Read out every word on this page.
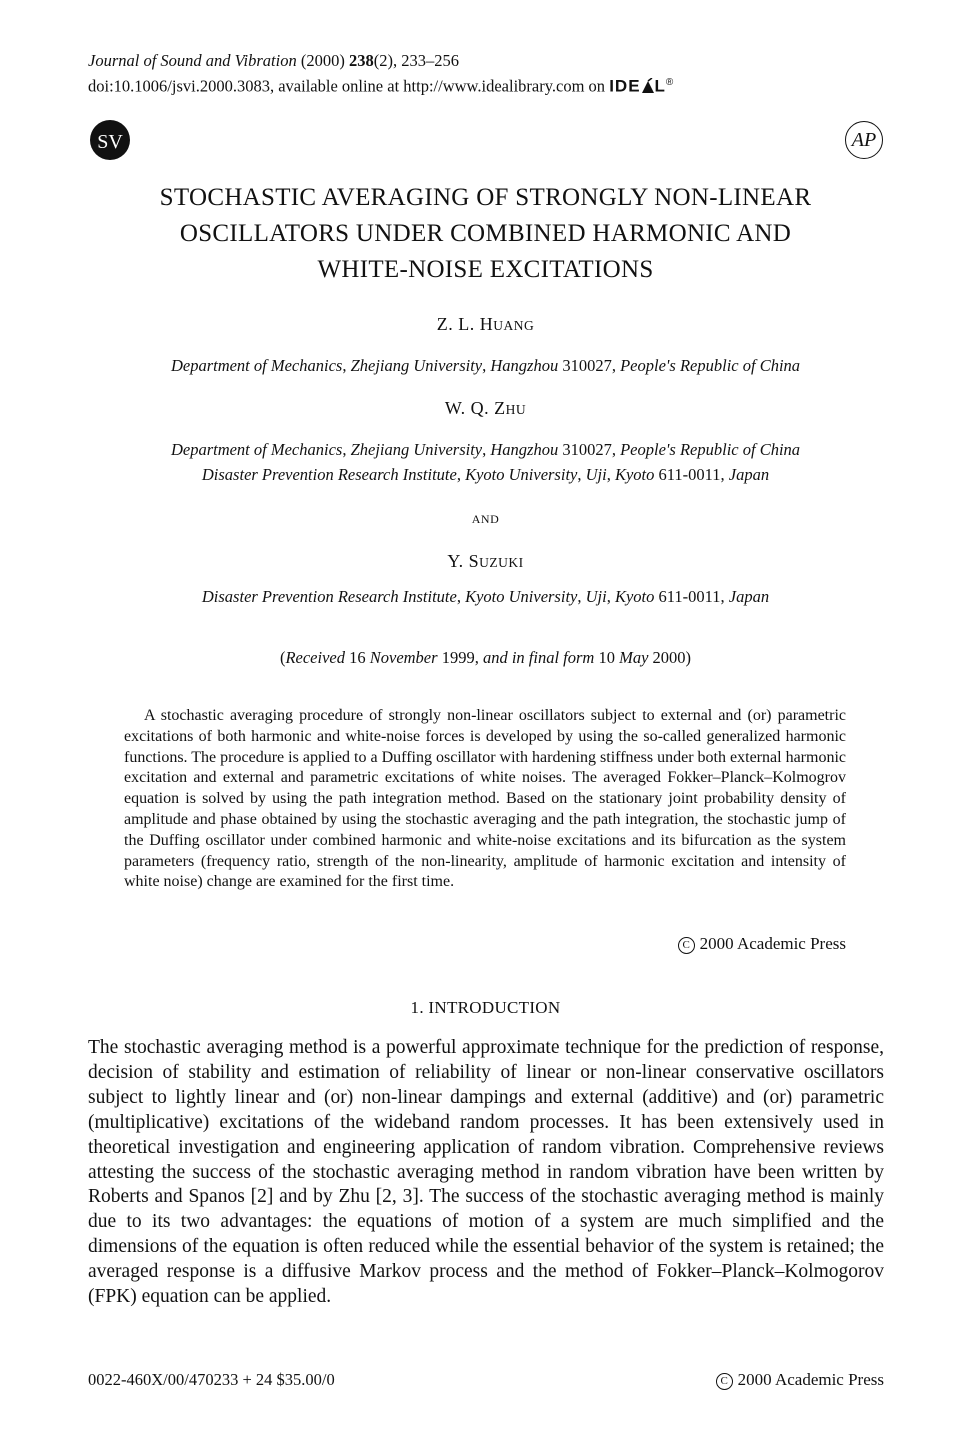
Journal of Sound and Vibration (2000) 238(2), 233–256
doi:10.1006/jsvi.2000.3083, available online at http://www.idealibrary.com on IDE L®
SV	AP
STOCHASTIC AVERAGING OF STRONGLY NON-LINEAR
OSCILLATORS UNDER COMBINED HARMONIC AND
WHITE-NOISE EXCITATIONS
Z. L. HUANG
Department of Mechanics, Zhejiang University, Hangzhou 310027, People's Republic of China
W. Q. ZHU
Department of Mechanics, Zhejiang University, Hangzhou 310027, People's Republic of China
Disaster Prevention Research Institute, Kyoto University, Uji, Kyoto 611-0011, Japan
AND
Y. SUZUKI
Disaster Prevention Research Institute, Kyoto University, Uji, Kyoto 611-0011, Japan
(Received 16 November 1999, and in final form 10 May 2000)
A stochastic averaging procedure of strongly non-linear oscillators subject to external and (or) parametric excitations of both harmonic and white-noise forces is developed by using the so-called generalized harmonic functions. The procedure is applied to a Duffing oscillator with hardening stiffness under both external harmonic excitation and external and parametric excitations of white noises. The averaged Fokker–Planck–Kolmogrov equation is solved by using the path integration method. Based on the stationary joint probability density of amplitude and phase obtained by using the stochastic averaging and the path integration, the stochastic jump of the Duffing oscillator under combined harmonic and white-noise excitations and its bifurcation as the system parameters (frequency ratio, strength of the non-linearity, amplitude of harmonic excitation and intensity of white noise) change are examined for the first time.
C 2000 Academic Press
1. INTRODUCTION
The stochastic averaging method is a powerful approximate technique for the prediction of response, decision of stability and estimation of reliability of linear or non-linear conservative oscillators subject to lightly linear and (or) non-linear dampings and external (additive) and (or) parametric (multiplicative) excitations of the wideband random processes. It has been extensively used in theoretical investigation and engineering application of random vibration. Comprehensive reviews attesting the success of the stochastic averaging method in random vibration have been written by Roberts and Spanos [2] and by Zhu [2, 3]. The success of the stochastic averaging method is mainly due to its two advantages: the equations of motion of a system are much simplified and the dimensions of the equation is often reduced while the essential behavior of the system is retained; the averaged response is a diffusive Markov process and the method of Fokker–Planck–Kolmogorov (FPK) equation can be applied.
0022-460X/00/470233 + 24 $35.00/0	C 2000 Academic Press
